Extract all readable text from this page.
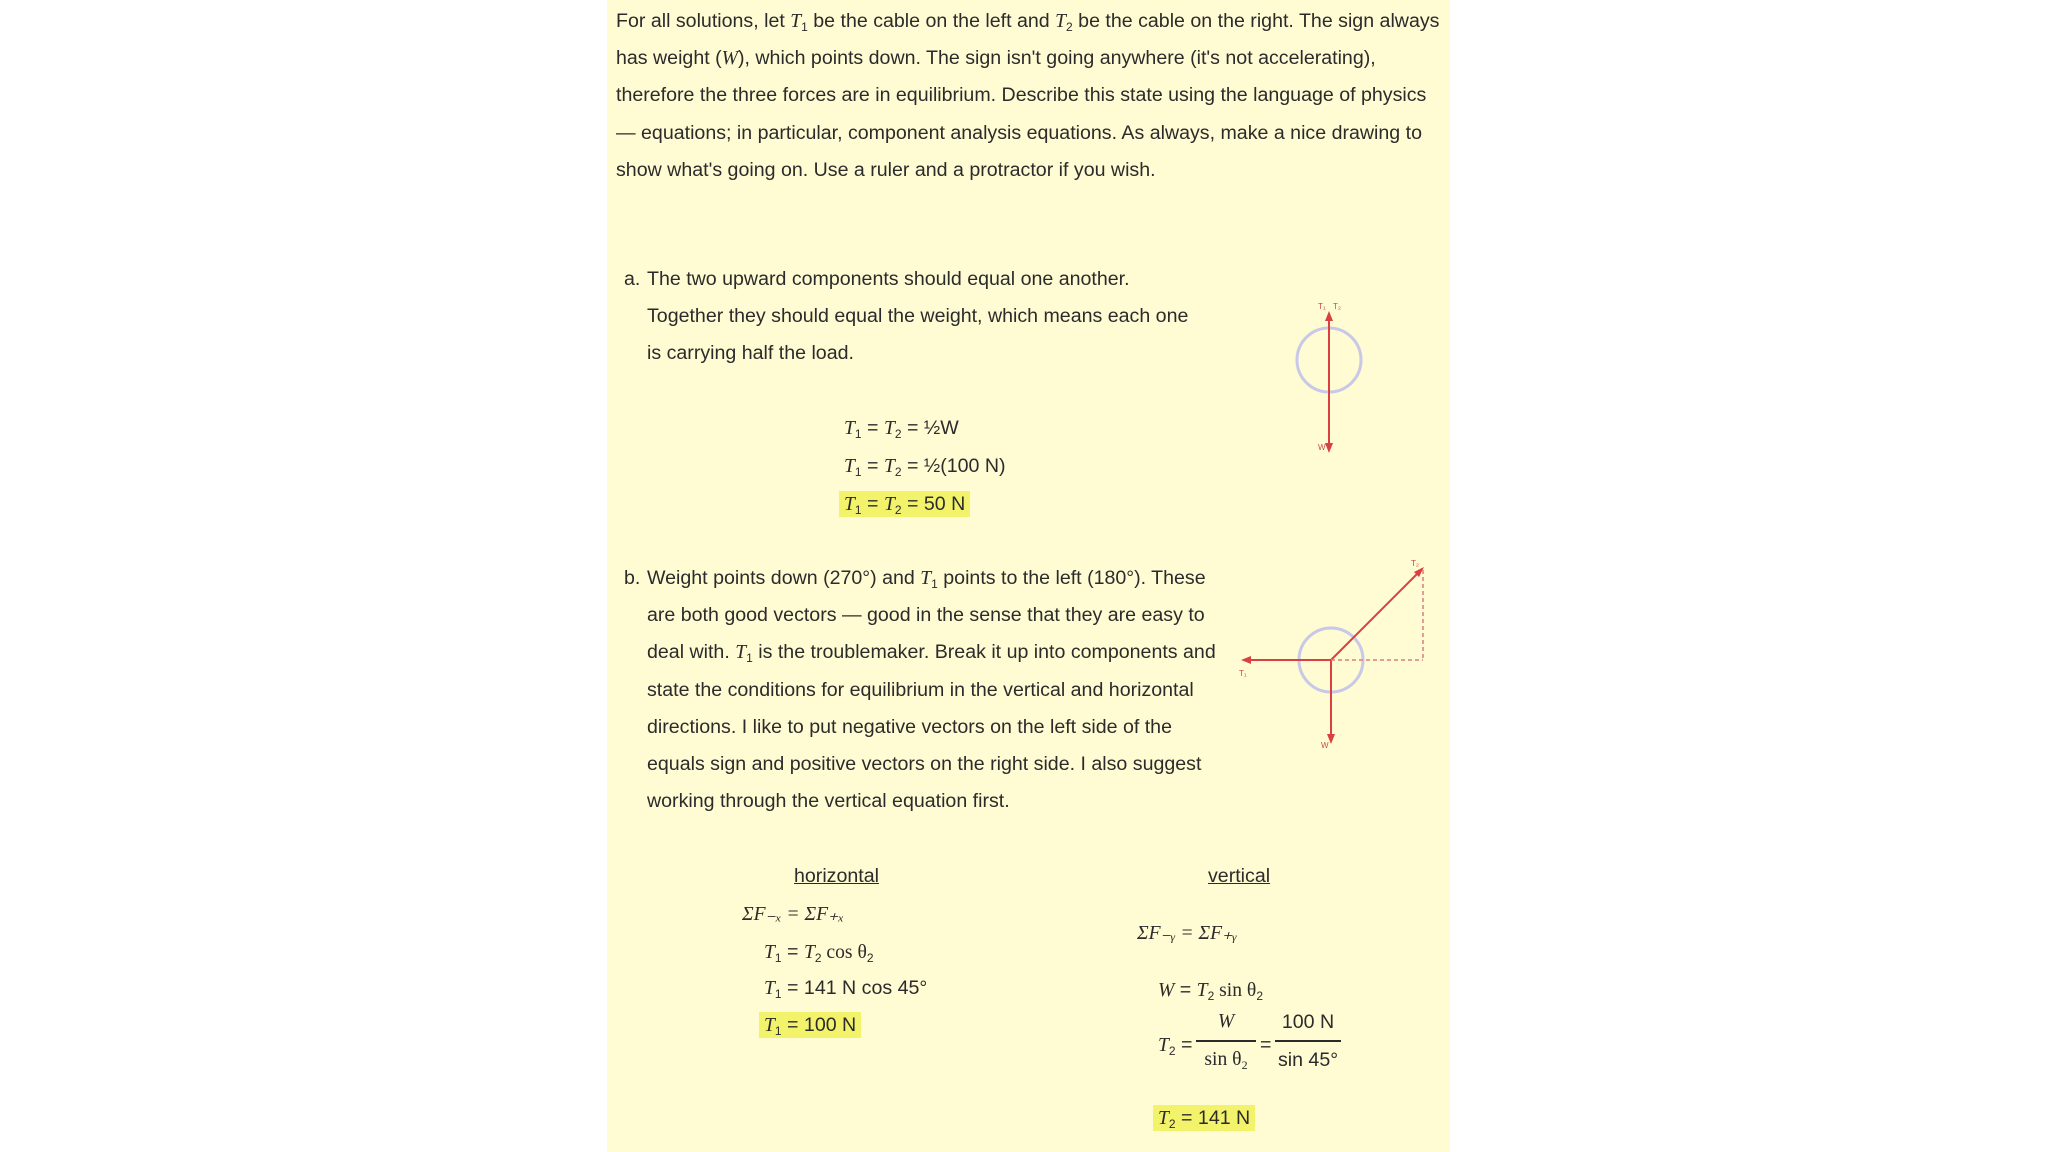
For all solutions, let $T_1$ be the cable on the left and $T_2$ be the cable on the right. The sign always has weight (W), which points down. The sign isn't going anywhere (it's not accelerating), therefore the three forces are in equilibrium. Describe this state using the language of physics — equations; in particular, component analysis equations. As always, make a nice drawing to show what's going on. Use a ruler and a protractor if you wish.

a. The two upward components should equal one another. Together they should equal the weight, which means each one is carrying half the load.
$T_1 = T_2$ = ½W
$T_1 = T_2$ = ½(100 N)
$T_1 = T_2 = 50$ N
T₁ T₂
W
b. Weight points down (270°) and $T_1$ points to the left (180°). These are both good vectors — good in the sense that they are easy to deal with. $T_1$ is the troublemaker. Break it up into components and state the conditions for equilibrium in the vertical and horizontal directions. I like to put negative vectors on the left side of the equals sign and positive vectors on the right side. I also suggest working through the vertical equation first.
T₂
T₁
W
horizontal
ΣF₋ₓ = ΣF₊ₓ
$T_1 = T_2$ $\cos \theta_2$
$T_1 = 141$ N cos 45°
$T_1 = 100$ N
vertical
ΣF₋ᵧ = ΣF₊ᵧ
$W = T_2$ $\sin \theta_2$
$T_2 = \frac{W}{\sin \theta_2} = \frac{100 N}{\sin 45^\circ}$
$T_2 = 141$ N
